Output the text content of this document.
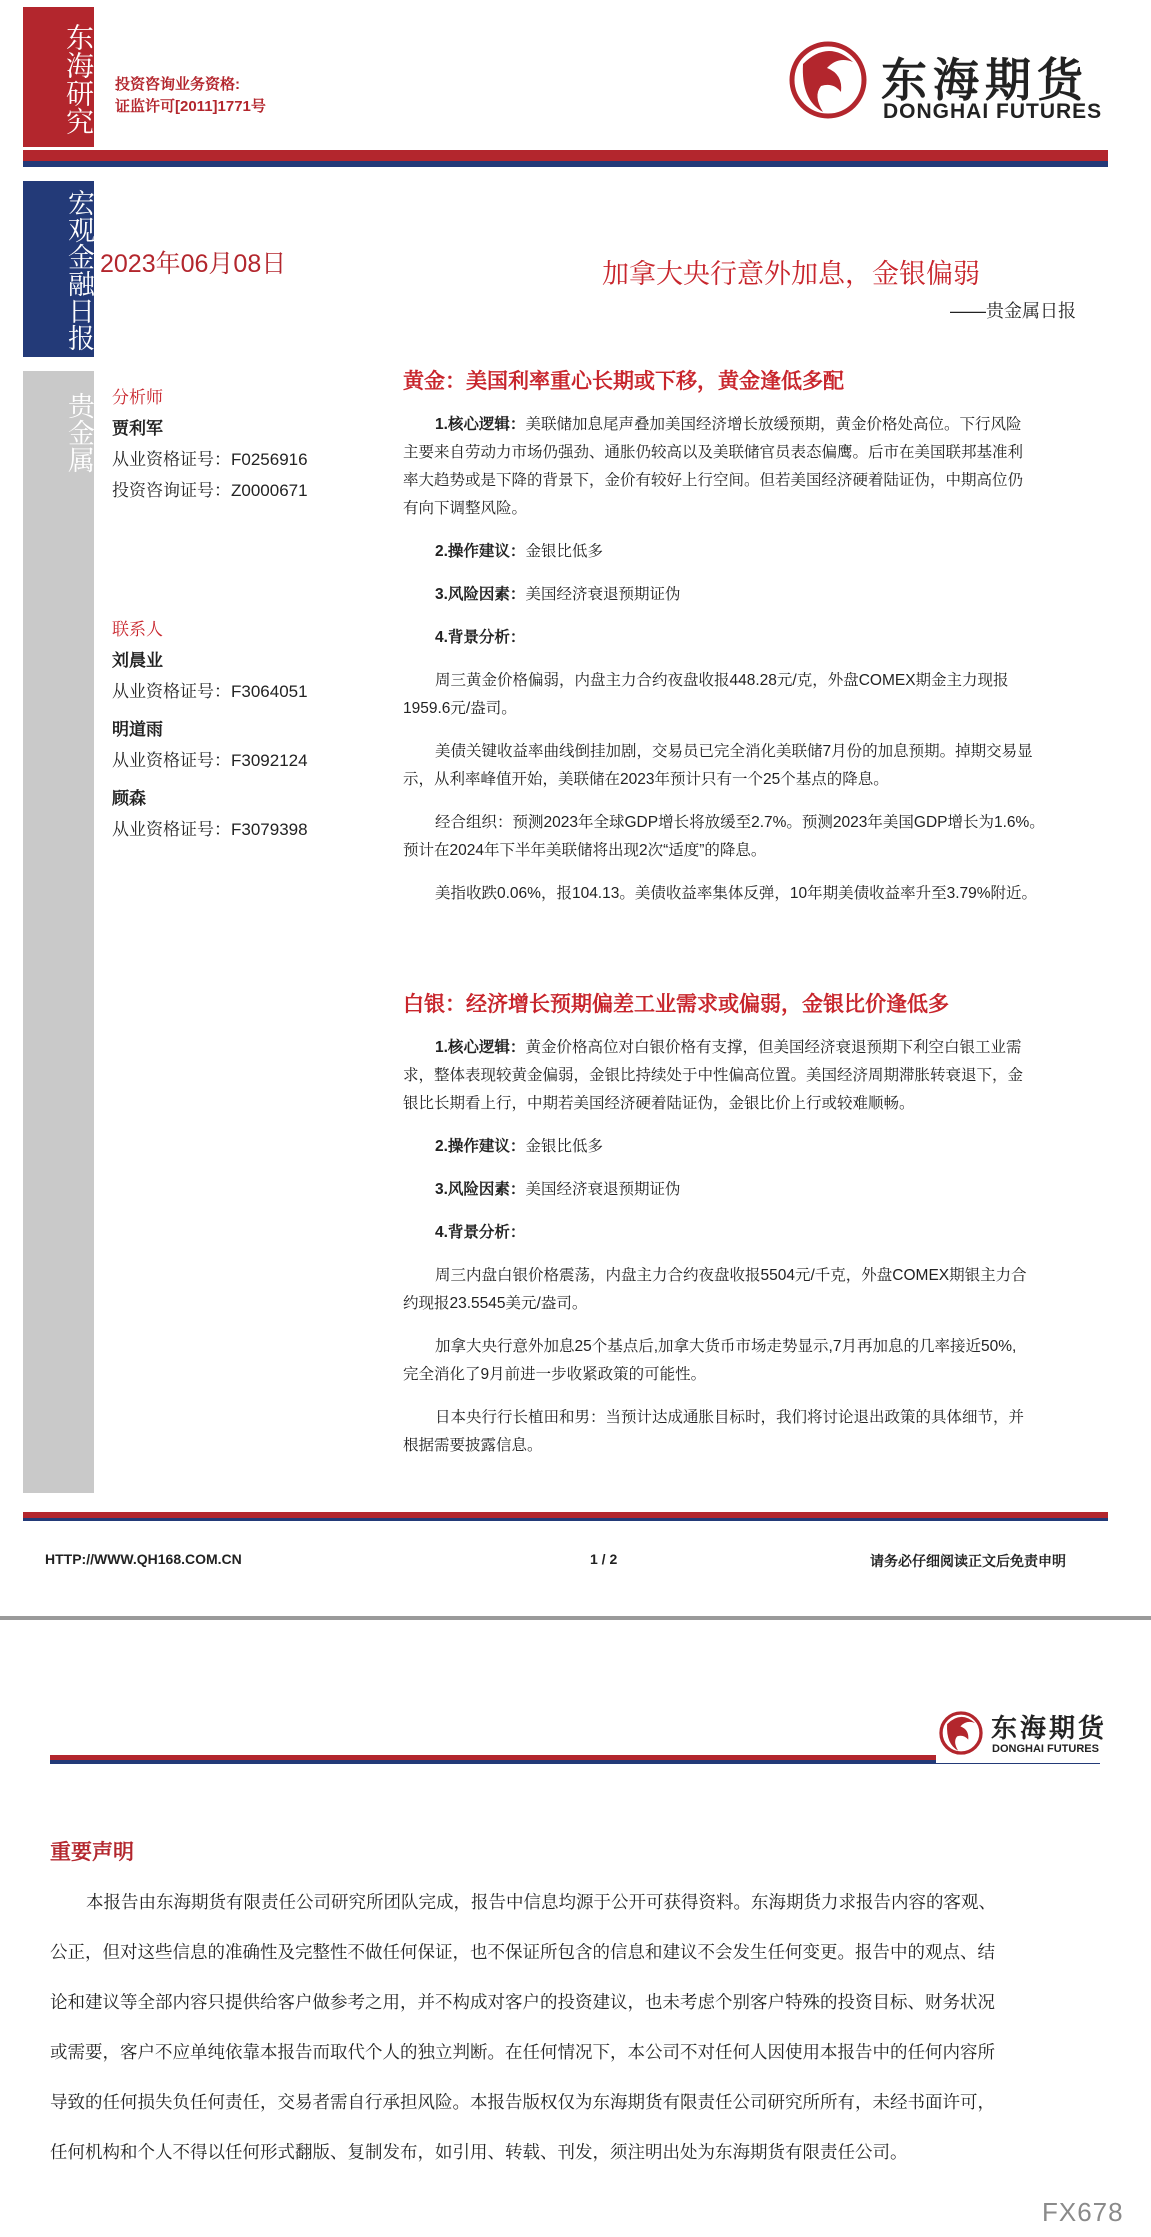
东海研究 投资咨询业务资格:
证监许可[2011]1771号	东海期货
DONGHAI FUTURES
宏观金融日报
贵金属
2023年06月08日	加拿大央行意外加息，金银偏弱
——贵金属日报
分析师
贾利军
从业资格证号：F0256916
投资咨询证号：Z0000671
联系人
刘晨业
从业资格证号：F3064051
明道雨
从业资格证号：F3092124
顾森
从业资格证号：F3079398
黄金：美国利率重心长期或下移，黄金逢低多配
1.核心逻辑：美联储加息尾声叠加美国经济增长放缓预期，黄金价格处高位。下行风险
主要来自劳动力市场仍强劲、通胀仍较高以及美联储官员表态偏鹰。后市在美国联邦基准利
率大趋势或是下降的背景下，金价有较好上行空间。但若美国经济硬着陆证伪，中期高位仍
有向下调整风险。
2.操作建议：金银比低多
3.风险因素：美国经济衰退预期证伪
4.背景分析：
周三黄金价格偏弱，内盘主力合约夜盘收报448.28元/克，外盘COMEX期金主力现报
1959.6元/盎司。
美债关键收益率曲线倒挂加剧，交易员已完全消化美联储7月份的加息预期。掉期交易显
示，从利率峰值开始，美联储在2023年预计只有一个25个基点的降息。
经合组织：预测2023年全球GDP增长将放缓至2.7%。预测2023年美国GDP增长为1.6%。
预计在2024年下半年美联储将出现2次“适度”的降息。
美指收跌0.06%，报104.13。美债收益率集体反弹，10年期美债收益率升至3.79%附近。
白银：经济增长预期偏差工业需求或偏弱，金银比价逢低多
1.核心逻辑：黄金价格高位对白银价格有支撑，但美国经济衰退预期下利空白银工业需
求，整体表现较黄金偏弱，金银比持续处于中性偏高位置。美国经济周期滞胀转衰退下，金
银比长期看上行，中期若美国经济硬着陆证伪，金银比价上行或较难顺畅。
2.操作建议：金银比低多
3.风险因素：美国经济衰退预期证伪
4.背景分析：
周三内盘白银价格震荡，内盘主力合约夜盘收报5504元/千克，外盘COMEX期银主力合
约现报23.5545美元/盎司。
加拿大央行意外加息25个基点后,加拿大货币市场走势显示,7月再加息的几率接近50%,
完全消化了9月前进一步收紧政策的可能性。
日本央行行长植田和男：当预计达成通胀目标时，我们将讨论退出政策的具体细节，并
根据需要披露信息。
HTTP://WWW.QH168.COM.CN	1 / 2	请务必仔细阅读正文后免责申明
东海期货
DONGHAI FUTURES
重要声明
本报告由东海期货有限责任公司研究所团队完成，报告中信息均源于公开可获得资料。东海期货力求报告内容的客观、
公正，但对这些信息的准确性及完整性不做任何保证，也不保证所包含的信息和建议不会发生任何变更。报告中的观点、结
论和建议等全部内容只提供给客户做参考之用，并不构成对客户的投资建议，也未考虑个别客户特殊的投资目标、财务状况
或需要，客户不应单纯依靠本报告而取代个人的独立判断。在任何情况下，本公司不对任何人因使用本报告中的任何内容所
导致的任何损失负任何责任，交易者需自行承担风险。本报告版权仅为东海期货有限责任公司研究所所有，未经书面许可，
任何机构和个人不得以任何形式翻版、复制发布，如引用、转载、刊发，须注明出处为东海期货有限责任公司。
FX678
